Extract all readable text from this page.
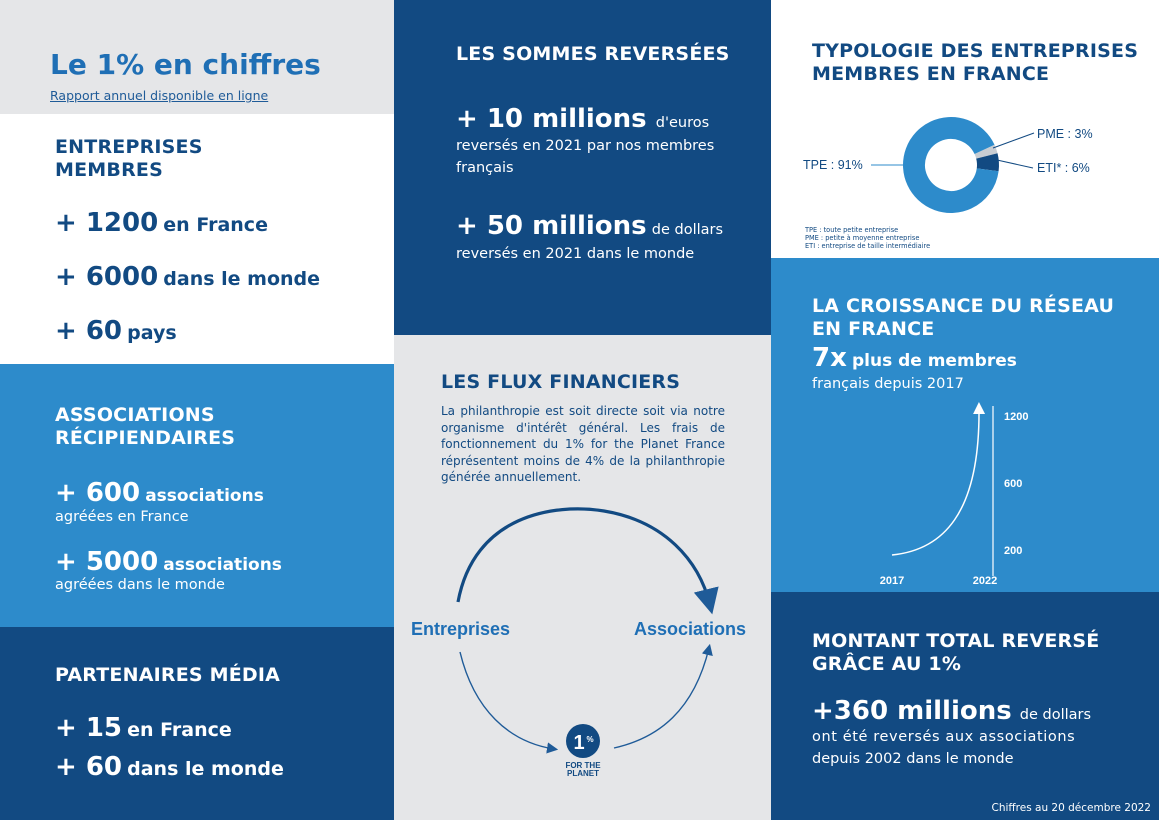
Le 1% en chiffres
Rapport annuel disponible en ligne
ENTREPRISES
MEMBRES
+ 1200 en France
+ 6000 dans le monde
+ 60 pays
ASSOCIATIONS
RÉCIPIENDAIRES
+ 600 associations
agréées en France
+ 5000 associations
agréées dans le monde
PARTENAIRES MÉDIA
+ 15 en France
+ 60 dans le monde
LES SOMMES REVERSÉES
+ 10 millions d'euros
reversés en 2021 par nos membres
français
+ 50 millions de dollars
reversés en 2021 dans le monde
LES FLUX FINANCIERS
La philanthropie est soit directe soit via notre
organisme d'intérêt général. Les frais de
fonctionnement du 1% for the Planet France
réprésentent moins de 4% de la philanthropie
générée annuellement.
Entreprises	Associations
1 %
FOR THE
PLANET
TYPOLOGIE DES ENTREPRISES
MEMBRES EN FRANCE
TPE : 91%
PME : 3%
ETI* : 6%
TPE : toute petite entreprise
PME : petite à moyenne entreprise
ETI : entreprise de taille intermédiaire
LA CROISSANCE DU RÉSEAU
EN FRANCE
7x plus de membres
français depuis 2017
200
600
1200
2017	2022
MONTANT TOTAL REVERSÉ
GRÂCE AU 1%
+360 millions de dollars
ont été reversés aux associations
depuis 2002 dans le monde
Chiffres au 20 décembre 2022
